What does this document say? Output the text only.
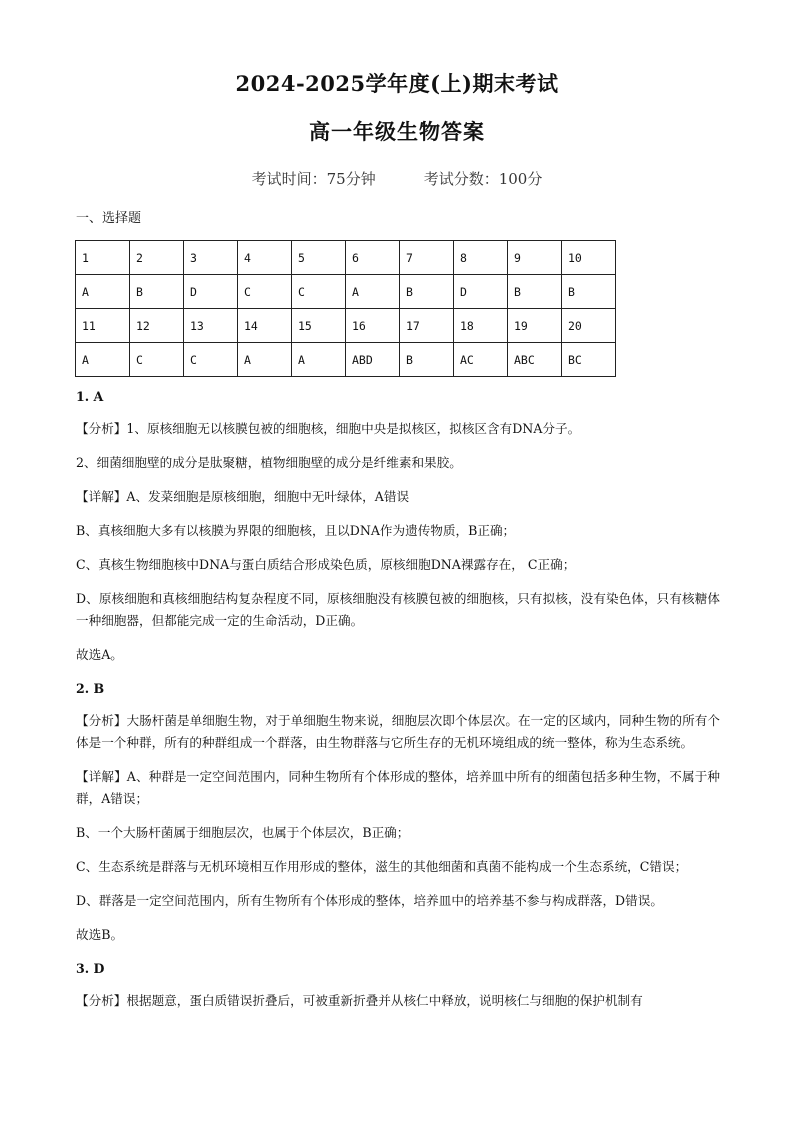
2024-2025学年度(上)期末考试
高一年级生物答案
考试时间：75分钟	考试分数：100分
一、选择题
1	2	3	4	5	6	7	8	9	10
A	B	D	C	C	A	B	D	B	B
11	12	13	14	15	16	17	18	19	20
A	C	C	A	A	ABD	B	AC	ABC	BC

1. A

【分析】1、原核细胞无以核膜包被的细胞核，细胞中央是拟核区，拟核区含有DNA分子。

2、细菌细胞壁的成分是肽聚糖，植物细胞壁的成分是纤维素和果胶。

【详解】A、发菜细胞是原核细胞，细胞中无叶绿体，A错误

B、真核细胞大多有以核膜为界限的细胞核，且以DNA作为遗传物质，B正确；

C、真核生物细胞核中DNA与蛋白质结合形成染色质，原核细胞DNA裸露存在， C正确；

D、原核细胞和真核细胞结构复杂程度不同，原核细胞没有核膜包被的细胞核，只有拟核，没有染色体，只有核糖体一种细胞器，但都能完成一定的生命活动，D正确。

故选A。

2. B

【分析】大肠杆菌是单细胞生物，对于单细胞生物来说，细胞层次即个体层次。在一定的区域内，同种生物的所有个体是一个种群，所有的种群组成一个群落，由生物群落与它所生存的无机环境组成的统一整体，称为生态系统。

【详解】A、种群是一定空间范围内，同种生物所有个体形成的整体，培养皿中所有的细菌包括多种生物，不属于种群，A错误；

B、一个大肠杆菌属于细胞层次，也属于个体层次，B正确；

C、生态系统是群落与无机环境相互作用形成的整体，滋生的其他细菌和真菌不能构成一个生态系统，C错误；

D、群落是一定空间范围内，所有生物所有个体形成的整体，培养皿中的培养基不参与构成群落，D错误。

故选B。

3. D

【分析】根据题意，蛋白质错误折叠后，可被重新折叠并从核仁中释放，说明核仁与细胞的保护机制有
